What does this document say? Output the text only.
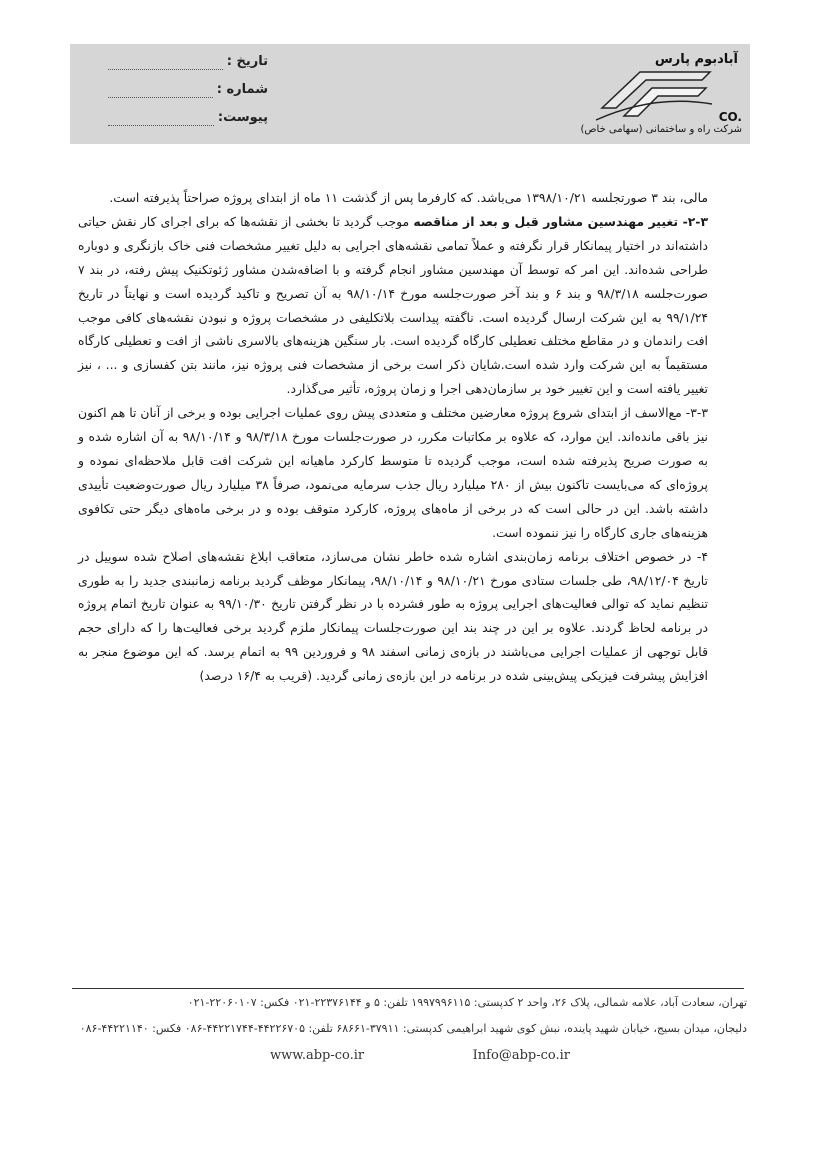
تاریخ :
شماره :
پیوست:
آبادبوم پارس
CO.
شرکت راه و ساختمانی (سهامی خاص)

مالی، بند ۳ صورتجلسه ۱۳۹۸/۱۰/۲۱ می‌باشد. که کارفرما پس از گذشت ۱۱ ماه از ابتدای پروژه صراحتاً پذیرفته است.

۲-۳- تغییر مهندسین مشاور قبل و بعد از مناقصه موجب گردید تا بخشی از نقشه‌ها که برای اجرای کار نقش حیاتی داشته‌اند در اختیار پیمانکار قرار نگرفته و عملاً تمامی نقشه‌های اجرایی به دلیل تغییر مشخصات فنی خاک بازنگری و دوباره طراحی شده‌اند. این امر که توسط آن مهندسین مشاور انجام گرفته و با اضافه‌شدن مشاور ژئوتکنیک پیش رفته، در بند ۷ صورت‌جلسه ۹۸/۳/۱۸ و بند ۶ و بند آخر صورت‌جلسه مورخ ۹۸/۱۰/۱۴ به آن تصریح و تاکید گردیده است و نهایتاً در تاریخ ۹۹/۱/۲۴ به این شرکت ارسال گردیده است. ناگفته پیداست بلاتکلیفی در مشخصات پروژه و نبودن نقشه‌های کافی موجب افت راندمان و در مقاطع مختلف تعطیلی کارگاه گردیده است. بار سنگین هزینه‌های بالاسری ناشی از افت و تعطیلی کارگاه مستقیماً به این شرکت وارد شده است.شایان ذکر است برخی از مشخصات فنی پروژه نیز، مانند بتن کفسازی و ... ، نیز تغییر یافته است و این تغییر خود بر سازمان‌دهی اجرا و زمان پروژه، تأثیر می‌گذارد.

۳-۳- مع‌الاسف از ابتدای شروع پروژه معارضین مختلف و متعددی پیش روی عملیات اجرایی بوده و برخی از آنان تا هم اکنون نیز باقی مانده‌اند. این موارد، که علاوه بر مکاتبات مکرر، در صورت‌جلسات مورخ ۹۸/۳/۱۸ و ۹۸/۱۰/۱۴ به آن اشاره شده و به صورت صریح پذیرفته شده است، موجب گردیده تا متوسط کارکرد ماهیانه این شرکت افت قابل ملاحظه‌ای نموده و پروژه‌ای که می‌بایست تاکنون بیش از ۲۸۰ میلیارد ریال جذب سرمایه می‌نمود، صرفاً ۳۸ میلیارد ریال صورت‌وضعیت تأییدی داشته باشد. این در حالی است که در برخی از ماه‌های پروژه، کارکرد متوقف بوده و در برخی ماه‌های دیگر حتی تکافوی هزینه‌های جاری کارگاه را نیز ننموده است.

۴- در خصوص اختلاف برنامه زمان‌بندی اشاره شده خاطر نشان می‌سازد، متعاقب ابلاغ نقشه‌های اصلاح شده سوییل در تاریخ ۹۸/۱۲/۰۴، طی جلسات ستادی مورخ ۹۸/۱۰/۲۱ و ۹۸/۱۰/۱۴، پیمانکار موظف گردید برنامه زمانبندی جدید را به طوری تنظیم نماید که توالی فعالیت‌های اجرایی پروژه به طور فشرده با در نظر گرفتن تاریخ ۹۹/۱۰/۳۰ به عنوان تاریخ اتمام پروژه در برنامه لحاظ گردند. علاوه بر این در چند بند این صورت‌جلسات پیمانکار ملزم گردید برخی فعالیت‌ها را که دارای حجم قابل توجهی از عملیات اجرایی می‌باشند در بازه‌ی زمانی اسفند ۹۸ و فروردین ۹۹ به اتمام برسد. که این موضوع منجر به افزایش پیشرفت فیزیکی پیش‌بینی شده در برنامه در این بازه‌ی زمانی گردید. (قریب به ۱۶/۴ درصد)

تهران، سعادت آباد، علامه شمالی، پلاک ۲۶، واحد ۲ کدپستی: ۱۹۹۷۹۹۶۱۱۵ تلفن: ۵ و ۲۲۳۷۶۱۴۴-۰۲۱ فکس: ۲۲۰۶۰۱۰۷-۰۲۱
دلیجان، میدان بسیج، خیابان شهید پاینده، نبش کوی شهید ابراهیمی کدپستی: ۳۷۹۱۱-۶۸۶۶۱ تلفن: ۴۴۲۲۶۷۰۵-۴۴۲۲۱۷۴۴-۰۸۶ فکس: ۴۴۲۲۱۱۴۰-۰۸۶
www.abp-co.ir	Info@abp-co.ir
